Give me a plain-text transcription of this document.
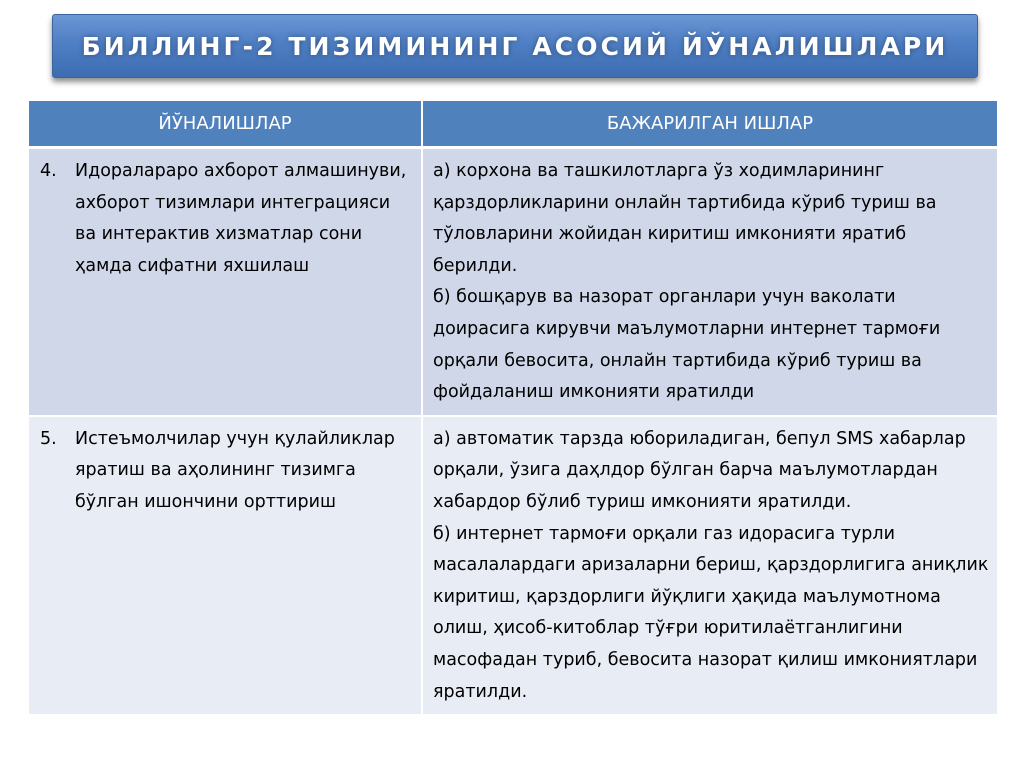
БИЛЛИНГ-2 ТИЗИМИНИНГ АСОСИЙ ЙЎНАЛИШЛАРИ
ЙЎНАЛИШЛАР	БАЖАРИЛГАН ИШЛАР

4. Идоралараро ахборот алмашинуви, ахборот тизимлари интеграцияси ва интерактив хизматлар сони ҳамда сифатни яхшилаш	а) корхона ва ташкилотларга ўз ходимларининг қарздорликларини онлайн тартибида кўриб туриш ва тўловларини жойидан киритиш имконияти яратиб берилди.
б) бошқарув ва назорат органлари учун ваколати доирасига кирувчи маълумотларни интернет тармоғи орқали бевосита, онлайн тартибида кўриб туриш ва фойдаланиш имконияти яратилди

5. Истеъмолчилар учун қулайликлар яратиш ва аҳолининг тизимга бўлган ишончини орттириш	а) автоматик тарзда юбориладиган, бепул SMS хабарлар орқали, ўзига даҳлдор бўлган барча маълумотлардан хабардор бўлиб туриш имконияти яратилди.
б) интернет тармоғи орқали газ идорасига турли масалалардаги аризаларни бериш, қарздорлигига аниқлик киритиш, қарздорлиги йўқлиги ҳақида маълумотнома олиш, ҳисоб-китоблар тўғри юритилаётганлигини масофадан туриб, бевосита назорат қилиш имкониятлари яратилди.
